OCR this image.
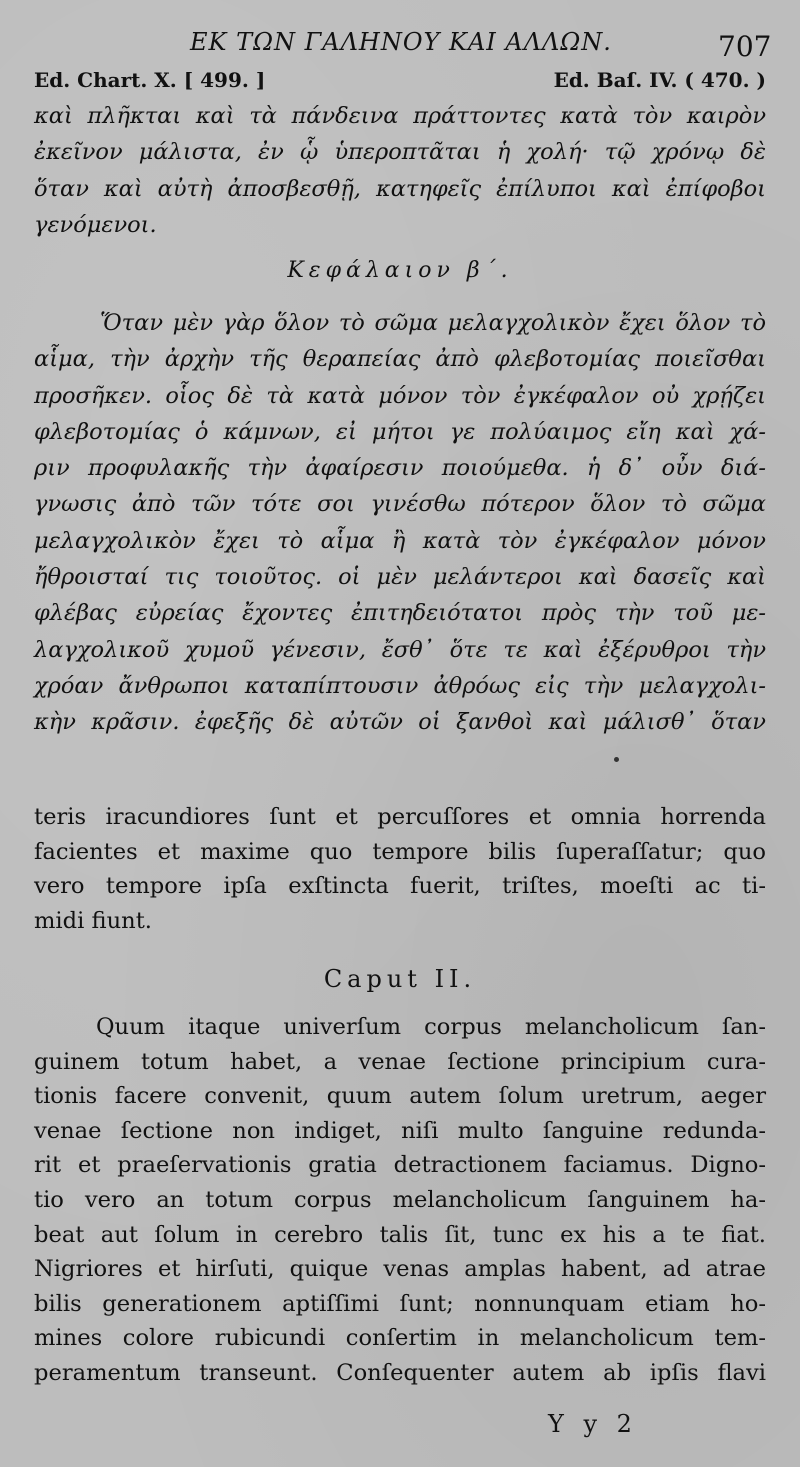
ΕΚ ΤΩΝ ΓΑΛΗΝΟΥ ΚΑΙ ΑΛΛΩΝ.	707
Ed. Chart. X. [ 499. ]	Ed. Baſ. IV. ( 470. )
καὶ πλῆκται καὶ τὰ πάνδεινα πράττοντες κατὰ τὸν καιρὸν
ἐκεῖνον μάλιστα, ἐν ᾧ ὑπεροπτᾶται ἡ χολή· τῷ χρόνῳ δὲ
ὅταν καὶ αὐτὴ ἀποσβεσθῇ, κατηφεῖς ἐπίλυποι καὶ ἐπίφοβοι
γενόμενοι.
Κεφάλαιον β΄.
Ὅταν μὲν γὰρ ὅλον τὸ σῶμα μελαγχολικὸν ἔχει ὅλον τὸ
αἷμα, τὴν ἀρχὴν τῆς θεραπείας ἀπὸ φλεβοτομίας ποιεῖσθαι
προσῆκεν. οἷος δὲ τὰ κατὰ μόνον τὸν ἐγκέφαλον οὐ χρῄζει
φλεβοτομίας ὁ κάμνων, εἰ μήτοι γε πολύαιμος εἴη καὶ χά-
ριν προφυλακῆς τὴν ἀφαίρεσιν ποιούμεθα. ἡ δ᾽ οὖν διά-
γνωσις ἀπὸ τῶν τότε σοι γινέσθω πότερον ὅλον τὸ σῶμα
μελαγχολικὸν ἔχει τὸ αἷμα ἢ κατὰ τὸν ἐγκέφαλον μόνον
ἤθροισταί τις τοιοῦτος. οἱ μὲν μελάντεροι καὶ δασεῖς καὶ
φλέβας εὐρείας ἔχοντες ἐπιτηδειότατοι πρὸς τὴν τοῦ με-
λαγχολικοῦ χυμοῦ γένεσιν, ἔσθ᾽ ὅτε τε καὶ ἐξέρυθροι τὴν
χρόαν ἄνθρωποι καταπίπτουσιν ἀθρόως εἰς τὴν μελαγχολι-
κὴν κρᾶσιν. ἐφεξῆς δὲ αὐτῶν οἱ ξανθοὶ καὶ μάλισθ᾽ ὅταν
teris iracundiores ſunt et percuſſores et omnia horrenda
facientes et maxime quo tempore bilis ſuperaſſatur; quo
vero tempore ipſa exſtincta fuerit, triſtes, moeſti ac ti-
midi fiunt.
Caput II.
Quum itaque univerſum corpus melancholicum ſan-
guinem totum habet, a venae ſectione principium cura-
tionis facere convenit, quum autem ſolum uretrum, aeger
venae ſectione non indiget, niſi multo ſanguine redunda-
rit et praeſervationis gratia detractionem faciamus. Digno-
tio vero an totum corpus melancholicum ſanguinem ha-
beat aut ſolum in cerebro talis ſit, tunc ex his a te fiat.
Nigriores et hirſuti, quique venas amplas habent, ad atrae
bilis generationem aptiſſimi ſunt; nonnunquam etiam ho-
mines colore rubicundi conſertim in melancholicum tem-
peramentum transeunt. Conſequenter autem ab ipſis flavi
Y y 2
